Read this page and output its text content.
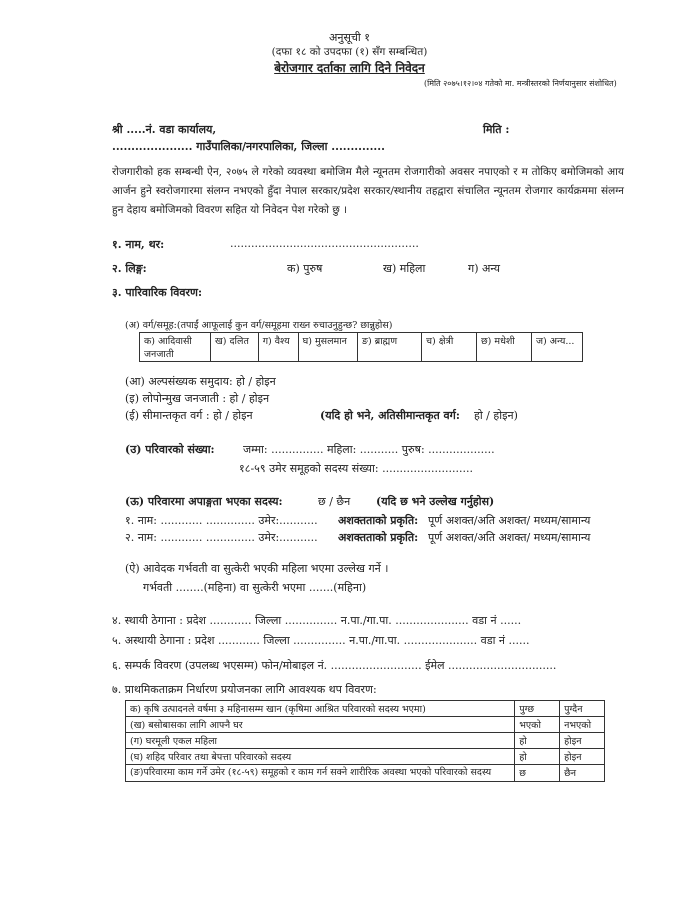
अनुसूची १
(दफा १८ को उपदफा (१) सँग सम्बन्धित)
बेरोजगार दर्ताका लागि दिने निवेदन
(मिति २०७५।१२।०४ गतेको मा. मन्त्रीस्तरको निर्णयानुसार संशोधित)
श्री .....नं. वडा कार्यालय,	मिति :
..................... गाउँपालिका/नगरपालिका, जिल्ला ..............
रोजगारीको हक सम्बन्धी ऐन, २०७५ ले गरेको व्यवस्था बमोजिम मैले न्यूनतम रोजगारीको अवसर नपाएको र म तोकिए बमोजिमको आय आर्जन हुने स्वरोजगारमा संलग्न नभएको हुँदा नेपाल सरकार/प्रदेश सरकार/स्थानीय तहद्वारा संचालित न्यूनतम रोजगार कार्यक्रममा संलग्न हुन देहाय बमोजिमको विवरण सहित यो निवेदन पेश गरेको छु ।
१. नाम, थर:	......................................................
२. लिङ्ग:	क) पुरुष	ख) महिला	ग) अन्य
३. पारिवारिक विवरण:
(अ) वर्ग/समूह:(तपाईं आफूलाई कुन वर्ग/समूहमा राख्न रुचाउनुहुन्छ? छान्नुहोस)
क) आदिवासी जनजाती	ख) दलित	ग) वैश्य	घ) मुसलमान	ङ) ब्राह्मण	च) क्षेत्री	छ) मधेशी	ज) अन्य...
(आ) अल्पसंख्यक समुदाय: हो / होइन
(इ) लोपोन्मुख जनजाती : हो / होइन
(ई) सीमान्तकृत वर्ग : हो / होइन	(यदि हो भने, अतिसीमान्तकृत वर्ग: हो / होइन)
(उ) परिवारको संख्या:	जम्मा: ............... महिला: ........... पुरुष: ...................
१८-५९ उमेर समूहको सदस्य संख्या: ..........................
(ऊ) परिवारमा अपाङ्गता भएका सदस्य:	छ / छैन (यदि छ भने उल्लेख गर्नुहोस)
१. नाम: ............ .............. उमेर:........... अशक्तताको प्रकृति: पूर्ण अशक्त/अति अशक्त/ मध्यम/सामान्य
२. नाम: ............ .............. उमेर:........... अशक्तताको प्रकृति: पूर्ण अशक्त/अति अशक्त/ मध्यम/सामान्य
(ऐ) आवेदक गर्भवती वा सुत्केरी भएकी महिला भएमा उल्लेख गर्ने ।
गर्भवती ........(महिना) वा सुत्केरी भएमा .......(महिना)
४. स्थायी ठेगाना : प्रदेश ............ जिल्ला ............... न.पा./गा.पा. ..................... वडा नं ......
५. अस्थायी ठेगाना : प्रदेश ............ जिल्ला ............... न.पा./गा.पा. ..................... वडा नं ......
६. सम्पर्क विवरण (उपलब्ध भएसम्म) फोन/मोबाइल नं. .......................... ईमेल ...............................
७. प्राथमिकताक्रम निर्धारण प्रयोजनका लागि आवश्यक थप विवरण:
क) कृषि उत्पादनले वर्षमा ३ महिनासम्म खान (कृषिमा आश्रित परिवारको सदस्य भएमा)	पुग्छ	पुग्दैन
(ख) बसोबासका लागि आफ्नै घर	भएको	नभएको
(ग) घरमूली एकल महिला	हो	होइन
(घ) शहिद परिवार तथा बेपत्ता परिवारको सदस्य	हो	होइन
(ङ)परिवारमा काम गर्ने उमेर (१८-५९) समूहको र काम गर्न सक्ने शारीरिक अवस्था भएको परिवारको सदस्य	छ	छैन
